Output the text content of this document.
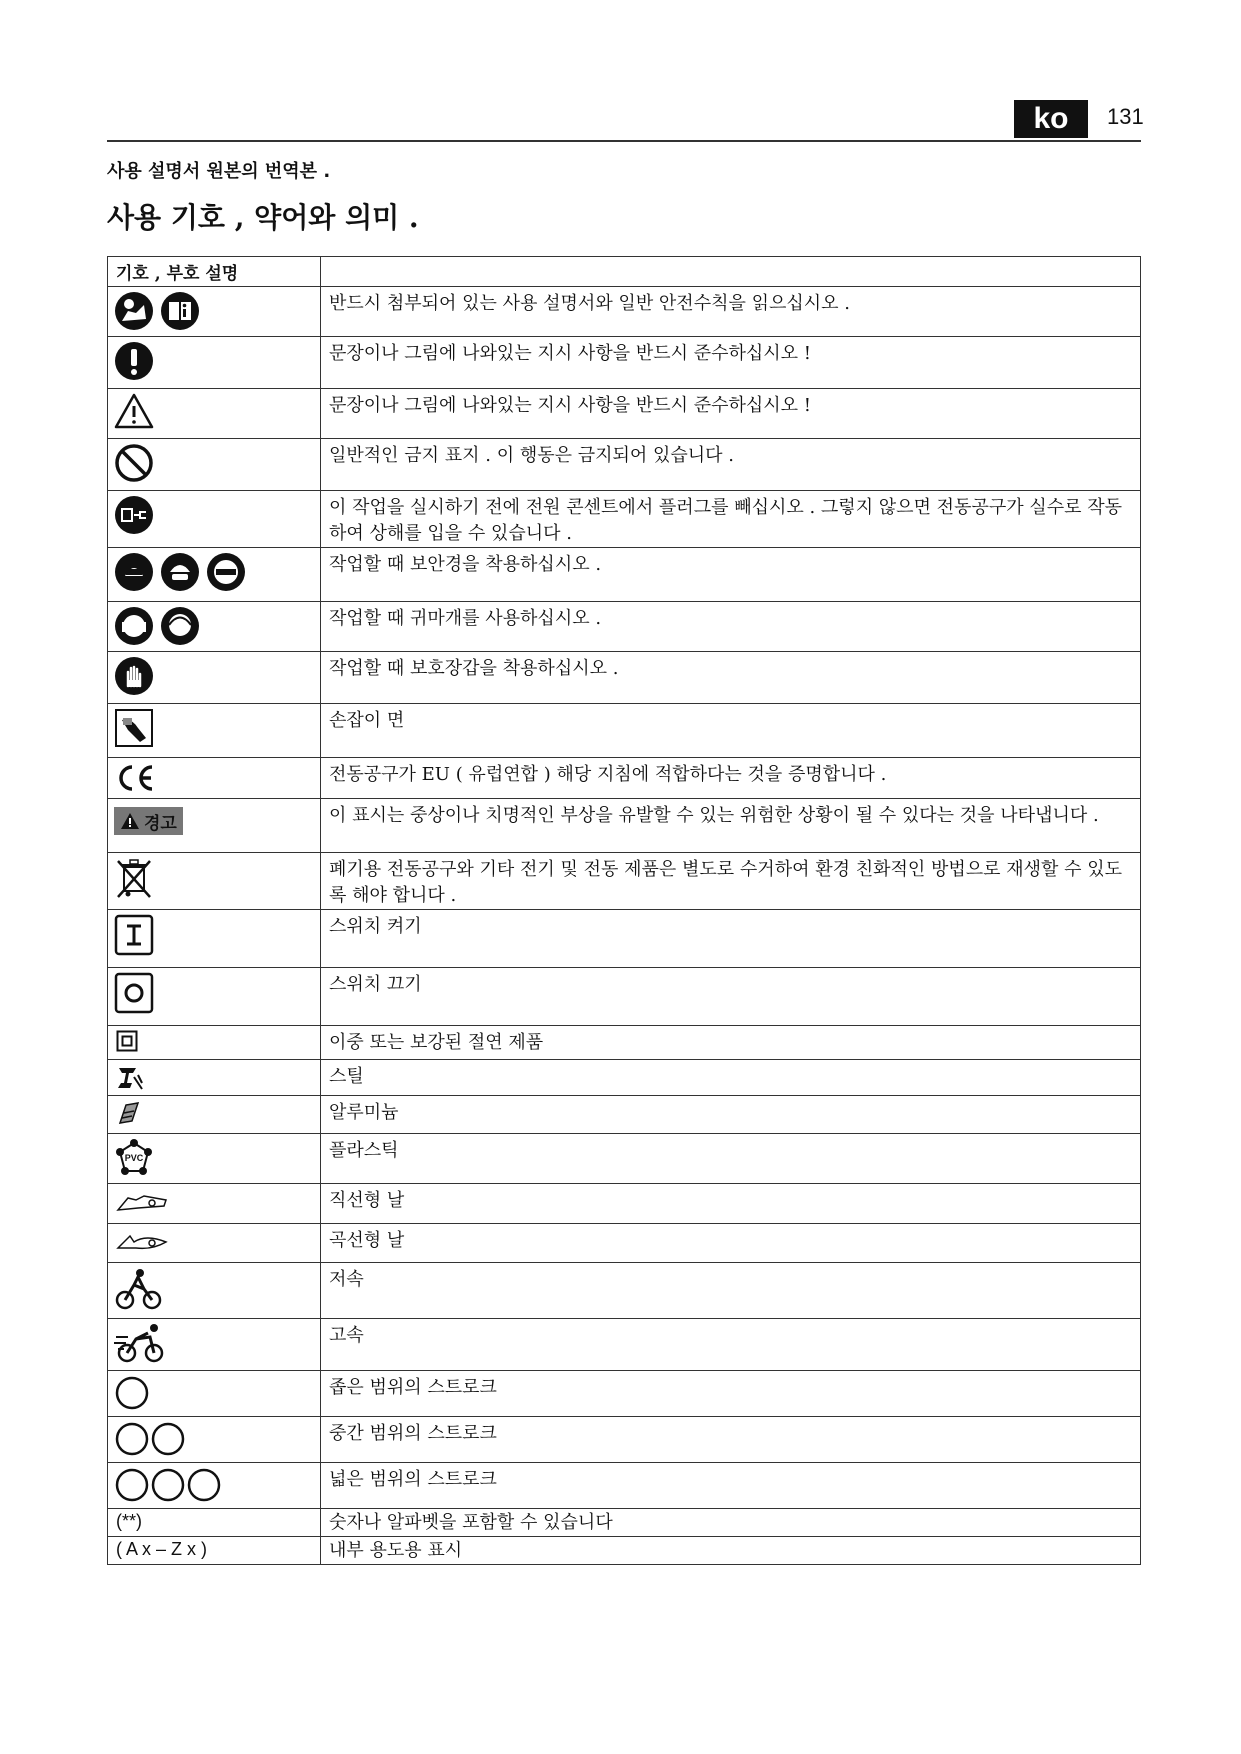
ko	131
사용 설명서 원본의 번역본 .
사용 기호 , 약어와 의미 .
기호 , 부호 설명	

	반드시 첨부되어 있는 사용 설명서와 일반 안전수칙을 읽으십시오 .

	문장이나 그림에 나와있는 지시 사항을 반드시 준수하십시오 !

	문장이나 그림에 나와있는 지시 사항을 반드시 준수하십시오 !

	일반적인 금지 표지 . 이 행동은 금지되어 있습니다 .

	이 작업을 실시하기 전에 전원 콘센트에서 플러그를 빼십시오 . 그렇지 않으면 전동공구가 실수로 작동하여 상해를 입을 수 있습니다 .

	작업할 때 보안경을 착용하십시오 .

	작업할 때 귀마개를 사용하십시오 .

	작업할 때 보호장갑을 착용하십시오 .

	손잡이 면

	전동공구가 EU ( 유럽연합 ) 해당 지침에 적합하다는 것을 증명합니다 .

경고	이 표시는 중상이나 치명적인 부상을 유발할 수 있는 위험한 상황이 될 수 있다는 것을 나타냅니다 .

	폐기용 전동공구와 기타 전기 및 전동 제품은 별도로 수거하여 환경 친화적인 방법으로 재생할 수 있도록 해야 합니다 .

	스위치 켜기

	스위치 끄기

	이중 또는 보강된 절연 제품

	스틸

	알루미늄

PVC	플라스틱

	직선형 날

	곡선형 날

	저속

	고속

	좁은 범위의 스트로크

	중간 범위의 스트로크

	넓은 범위의 스트로크

(**)	숫자나 알파벳을 포함할 수 있습니다

( A x – Z x )	내부 용도용 표시
